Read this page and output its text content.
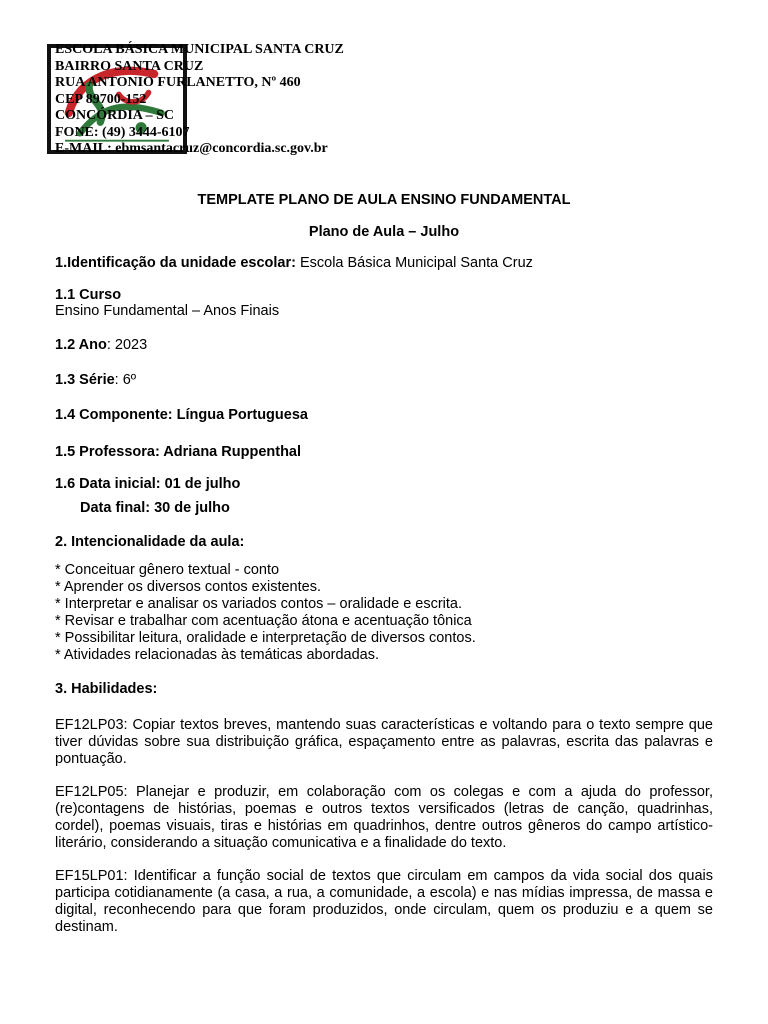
ESCOLA BÁSICA MUNICIPAL SANTA CRUZ
BAIRRO SANTA CRUZ
RUA ANTONIO FURLANETTO, Nº 460
CEP 89700-152
CONCÓRDIA – SC
FONE: (49) 3444-6107
E-MAIL: ebmsantacruz@concordia.sc.gov.br
TEMPLATE PLANO DE AULA ENSINO FUNDAMENTAL
Plano de Aula – Julho
1.Identificação da unidade escolar: Escola Básica Municipal Santa Cruz
1.1 Curso
Ensino Fundamental – Anos Finais
1.2 Ano: 2023
1.3 Série: 6º
1.4 Componente: Língua Portuguesa
1.5 Professora: Adriana Ruppenthal
1.6 Data inicial: 01 de julho
Data final: 30 de julho
2. Intencionalidade da aula:
* Conceituar gênero textual - conto
* Aprender os diversos contos existentes.
* Interpretar e analisar os variados contos – oralidade e escrita.
* Revisar e trabalhar com acentuação átona e acentuação tônica
* Possibilitar leitura, oralidade e interpretação de diversos contos.
* Atividades relacionadas às temáticas abordadas.
3. Habilidades:
EF12LP03: Copiar textos breves, mantendo suas características e voltando para o texto sempre que tiver dúvidas sobre sua distribuição gráfica, espaçamento entre as palavras, escrita das palavras e pontuação.
EF12LP05: Planejar e produzir, em colaboração com os colegas e com a ajuda do professor, (re)contagens de histórias, poemas e outros textos versificados (letras de canção, quadrinhas, cordel), poemas visuais, tiras e histórias em quadrinhos, dentre outros gêneros do campo artístico-literário, considerando a situação comunicativa e a finalidade do texto.
EF15LP01: Identificar a função social de textos que circulam em campos da vida social dos quais participa cotidianamente (a casa, a rua, a comunidade, a escola) e nas mídias impressa, de massa e digital, reconhecendo para que foram produzidos, onde circulam, quem os produziu e a quem se destinam.
